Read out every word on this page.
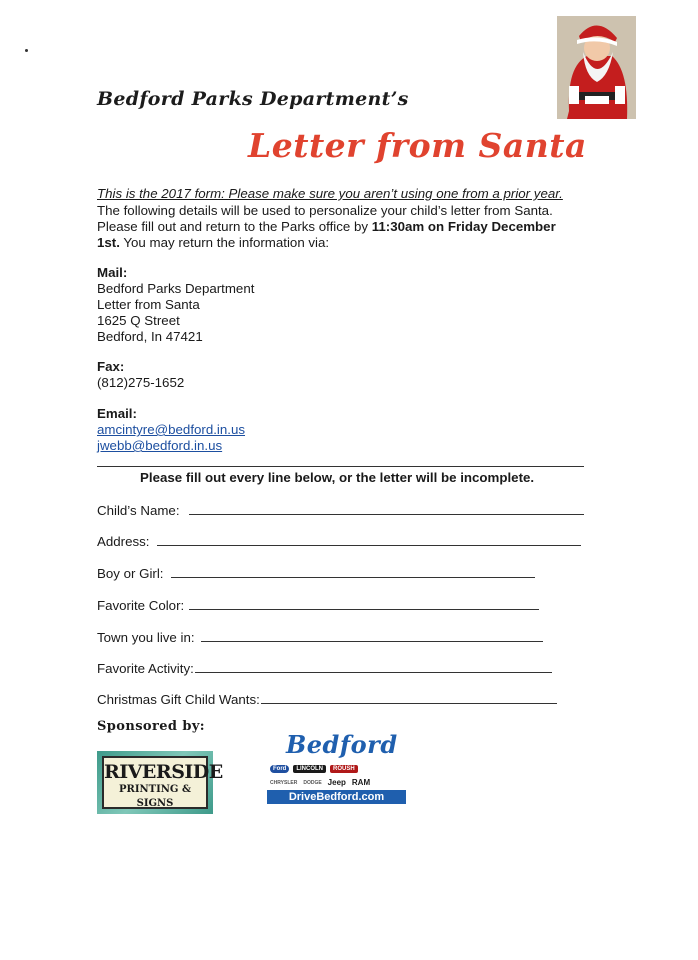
Bedford Parks Department’s
Letter from Santa
This is the 2017 form: Please make sure you aren’t using one from a prior year.
The following details will be used to personalize your child’s letter from Santa.
Please fill out and return to the Parks office by 11:30am on Friday December 1st. You may return the information via:
Mail:
Bedford Parks Department
Letter from Santa
1625 Q Street
Bedford, In 47421
Fax:
(812)275-1652
Email:
amcintyre@bedford.in.us
jwebb@bedford.in.us
Please fill out every line below, or the letter will be incomplete.
Child’s Name:
Address:
Boy or Girl:
Favorite Color:
Town you live in:
Favorite Activity:
Christmas Gift Child Wants:
Sponsored by:
RIVERSIDE
PRINTING & SIGNS
Bedford
Ford	LINCOLN	ROUSH
CHRYSLER DODGE Jeep RAM
DriveBedford.com
